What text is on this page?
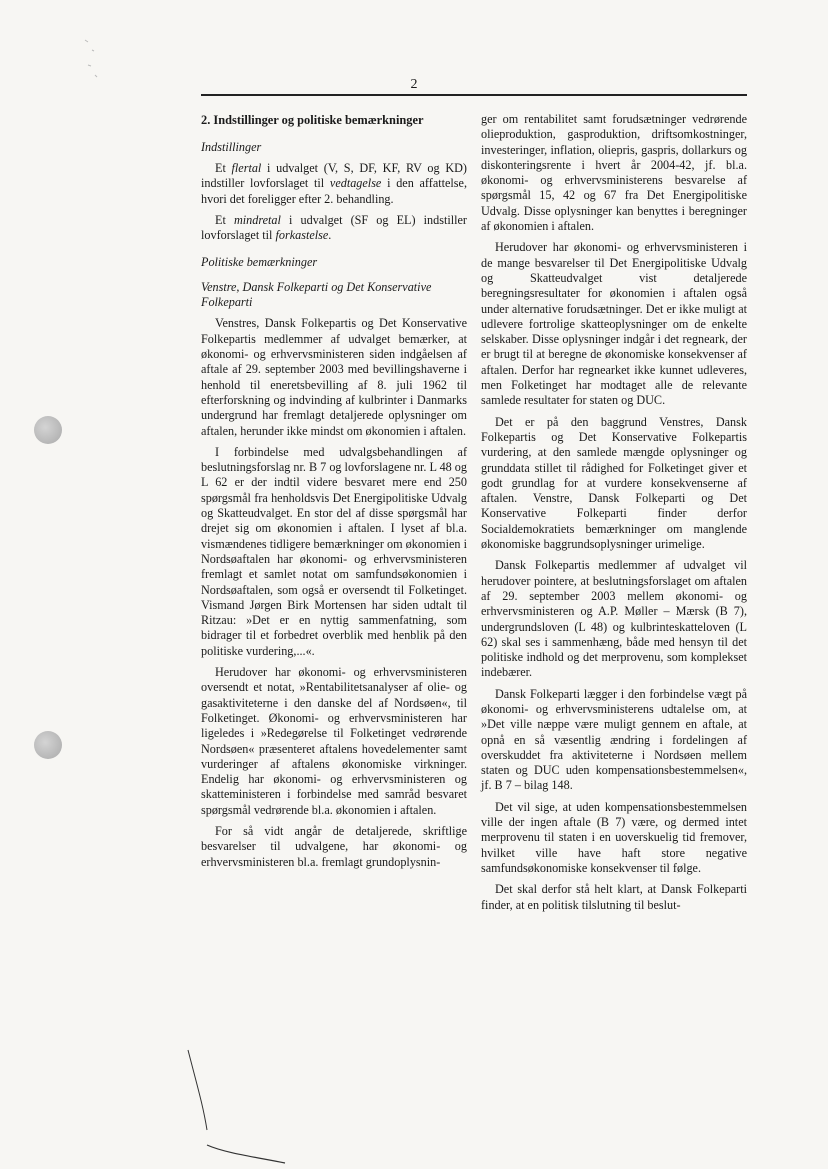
2
2. Indstillinger og politiske bemærkninger
Indstillinger

Et flertal i udvalget (V, S, DF, KF, RV og KD) indstiller lovforslaget til vedtagelse i den affattelse, hvori det foreligger efter 2. behandling.

Et mindretal i udvalget (SF og EL) indstiller lovforslaget til forkastelse.

Politiske bemærkninger
Venstre, Dansk Folkeparti og Det Konservative Folkeparti

Venstres, Dansk Folkepartis og Det Konservative Folkepartis medlemmer af udvalget bemærker, at økonomi- og erhvervsministeren siden indgåelsen af aftale af 29. september 2003 med bevillingshaverne i henhold til eneretsbevilling af 8. juli 1962 til efterforskning og indvinding af kulbrinter i Danmarks undergrund har fremlagt detaljerede oplysninger om aftalen, herunder ikke mindst om økonomien i aftalen.

I forbindelse med udvalgsbehandlingen af beslutningsforslag nr. B 7 og lovforslagene nr. L 48 og L 62 er der indtil videre besvaret mere end 250 spørgsmål fra henholdsvis Det Energipolitiske Udvalg og Skatteudvalget. En stor del af disse spørgsmål har drejet sig om økonomien i aftalen. I lyset af bl.a. vismændenes tidligere bemærkninger om økonomien i Nordsøaftalen har økonomi- og erhvervsministeren fremlagt et samlet notat om samfundsøkonomien i Nordsøaftalen, som også er oversendt til Folketinget. Vismand Jørgen Birk Mortensen har siden udtalt til Ritzau: »Det er en nyttig sammenfatning, som bidrager til et forbedret overblik med henblik på den politiske vurdering,...«.

Herudover har økonomi- og erhvervsministeren oversendt et notat, »Rentabilitetsanalyser af olie- og gasaktiviteterne i den danske del af Nordsøen«, til Folketinget. Økonomi- og erhvervsministeren har ligeledes i »Redegørelse til Folketinget vedrørende Nordsøen« præsenteret aftalens hovedelementer samt vurderinger af aftalens økonomiske virkninger. Endelig har økonomi- og erhvervsministeren og skatteministeren i forbindelse med samråd besvaret spørgsmål vedrørende bl.a. økonomien i aftalen.

For så vidt angår de detaljerede, skriftlige besvarelser til udvalgene, har økonomi- og erhvervsministeren bl.a. fremlagt grundoplysnin-

ger om rentabilitet samt forudsætninger vedrørende olieproduktion, gasproduktion, driftsomkostninger, investeringer, inflation, oliepris, gaspris, dollarkurs og diskonteringsrente i hvert år 2004-42, jf. bl.a. økonomi- og erhvervsministerens besvarelse af spørgsmål 15, 42 og 67 fra Det Energipolitiske Udvalg. Disse oplysninger kan benyttes i beregninger af økonomien i aftalen.

Herudover har økonomi- og erhvervsministeren i de mange besvarelser til Det Energipolitiske Udvalg og Skatteudvalget vist detaljerede beregningsresultater for økonomien i aftalen også under alternative forudsætninger. Det er ikke muligt at udlevere fortrolige skatteoplysninger om de enkelte selskaber. Disse oplysninger indgår i det regneark, der er brugt til at beregne de økonomiske konsekvenser af aftalen. Derfor har regnearket ikke kunnet udleveres, men Folketinget har modtaget alle de relevante samlede resultater for staten og DUC.

Det er på den baggrund Venstres, Dansk Folkepartis og Det Konservative Folkepartis vurdering, at den samlede mængde oplysninger og grunddata stillet til rådighed for Folketinget giver et godt grundlag for at vurdere konsekvenserne af aftalen. Venstre, Dansk Folkeparti og Det Konservative Folkeparti finder derfor Socialdemokratiets bemærkninger om manglende økonomiske baggrundsoplysninger urimelige.

Dansk Folkepartis medlemmer af udvalget vil herudover pointere, at beslutningsforslaget om aftalen af 29. september 2003 mellem økonomi- og erhvervsministeren og A.P. Møller – Mærsk (B 7), undergrundsloven (L 48) og kulbrinteskatteloven (L 62) skal ses i sammenhæng, både med hensyn til det politiske indhold og det merprovenu, som komplekset indebærer.

Dansk Folkeparti lægger i den forbindelse vægt på økonomi- og erhvervsministerens udtalelse om, at »Det ville næppe være muligt gennem en aftale, at opnå en så væsentlig ændring i fordelingen af overskuddet fra aktiviteterne i Nordsøen mellem staten og DUC uden kompensationsbestemmelsen«, jf. B 7 – bilag 148.

Det vil sige, at uden kompensationsbestemmelsen ville der ingen aftale (B 7) være, og dermed intet merprovenu til staten i en uoverskuelig tid fremover, hvilket ville have haft store negative samfundsøkonomiske konsekvenser til følge.

Det skal derfor stå helt klart, at Dansk Folkeparti finder, at en politisk tilslutning til beslut-
